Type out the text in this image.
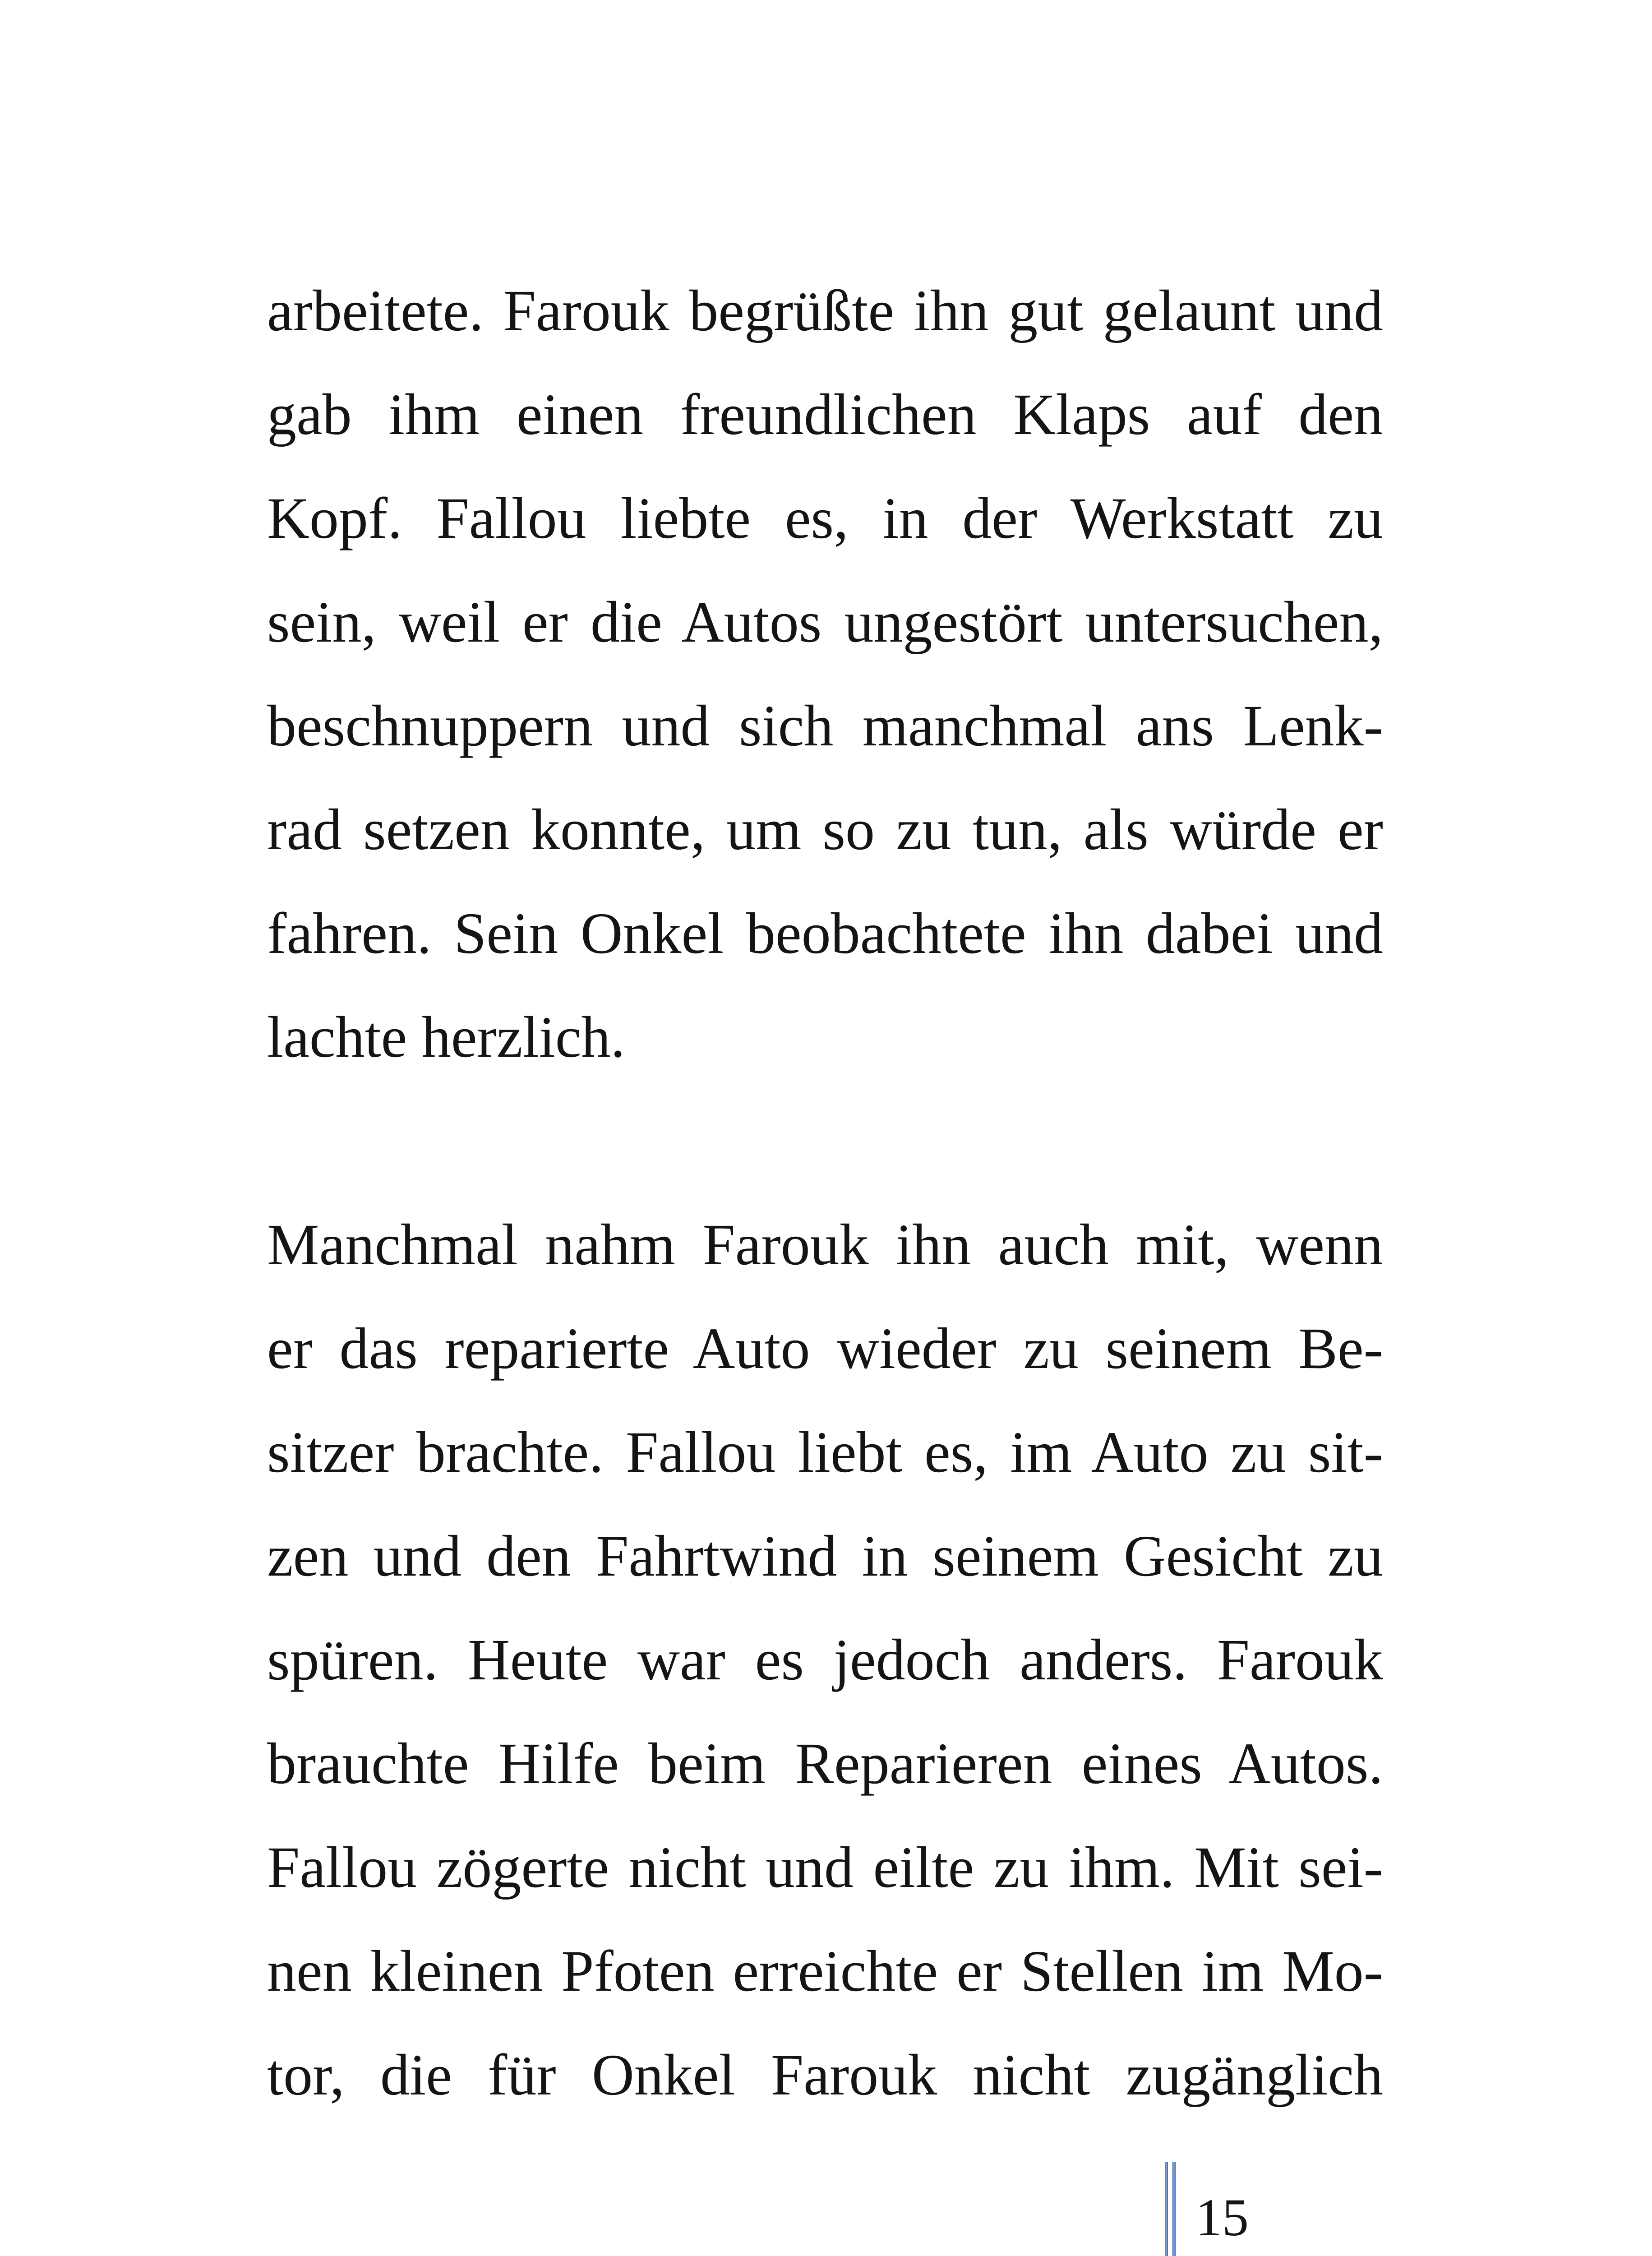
arbeitete. Farouk begrüßte ihn gut gelaunt und
gab ihm einen freundlichen Klaps auf den
Kopf. Fallou liebte es, in der Werkstatt zu
sein, weil er die Autos ungestört untersuchen,
beschnuppern und sich manchmal ans Lenk-
rad setzen konnte, um so zu tun, als würde er
fahren. Sein Onkel beobachtete ihn dabei und
lachte herzlich.
Manchmal nahm Farouk ihn auch mit, wenn
er das reparierte Auto wieder zu seinem Be-
sitzer brachte. Fallou liebt es, im Auto zu sit-
zen und den Fahrtwind in seinem Gesicht zu
spüren. Heute war es jedoch anders. Farouk
brauchte Hilfe beim Reparieren eines Autos.
Fallou zögerte nicht und eilte zu ihm. Mit sei-
nen kleinen Pfoten erreichte er Stellen im Mo-
tor, die für Onkel Farouk nicht zugänglich
15
